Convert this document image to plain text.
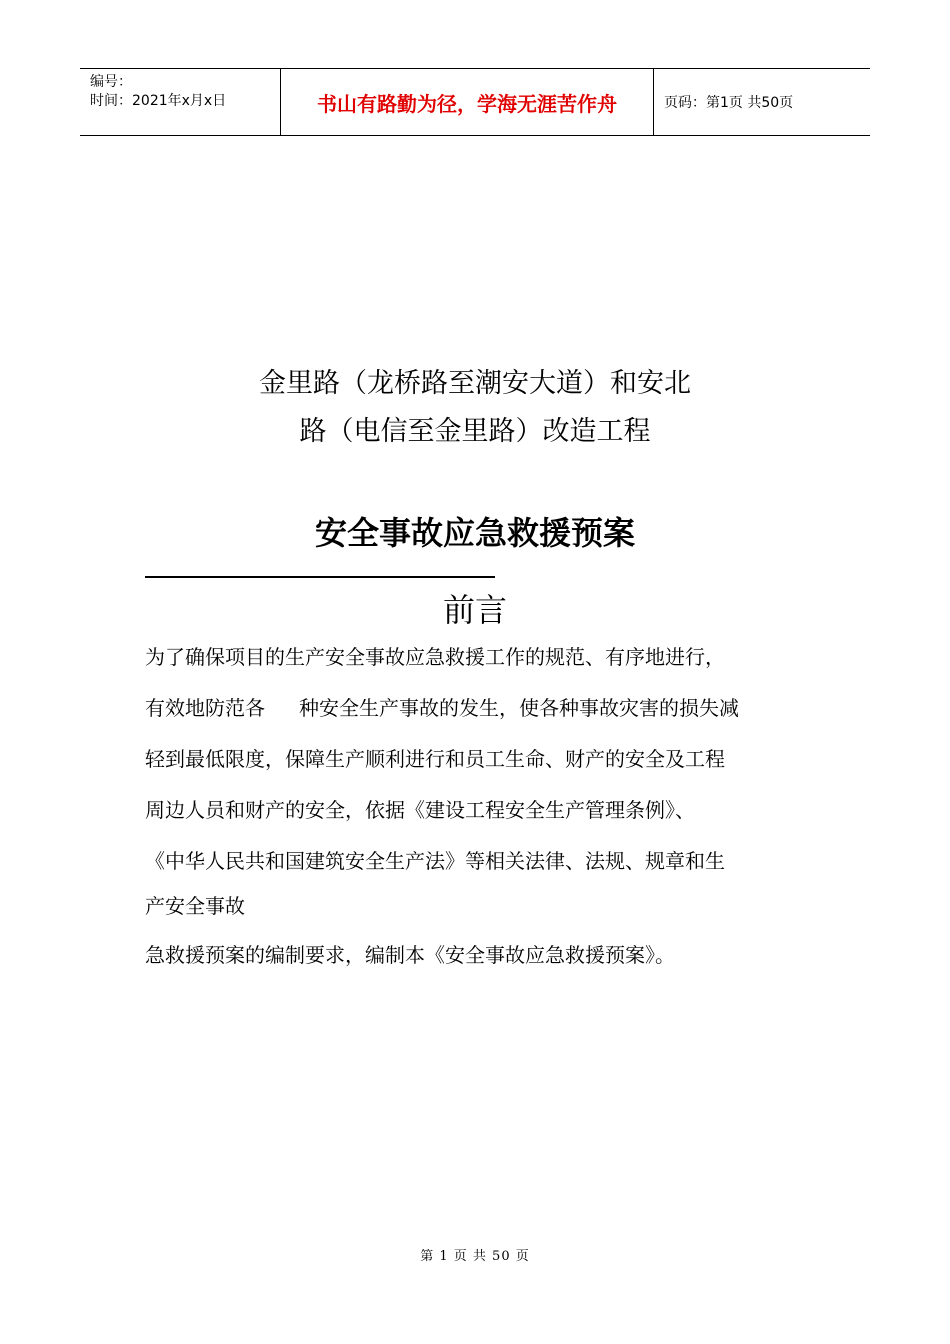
编号：
时间：2021年x月x日	书山有路勤为径，学海无涯苦作舟	页码：第1页 共50页
金里路（龙桥路至潮安大道）和安北
路（电信至金里路）改造工程
安全事故应急救援预案
前言
为了确保项目的生产安全事故应急救援工作的规范、有序地进行，
有效地防范各 种安全生产事故的发生，使各种事故灾害的损失减
轻到最低限度，保障生产顺利进行和员工生命、财产的安全及工程
周边人员和财产的安全，依据《建设工程安全生产管理条例》、
《中华人民共和国建筑安全生产法》等相关法律、法规、规章和生
产安全事故
急救援预案的编制要求，编制本《安全事故应急救援预案》。
第 1 页 共 50 页
